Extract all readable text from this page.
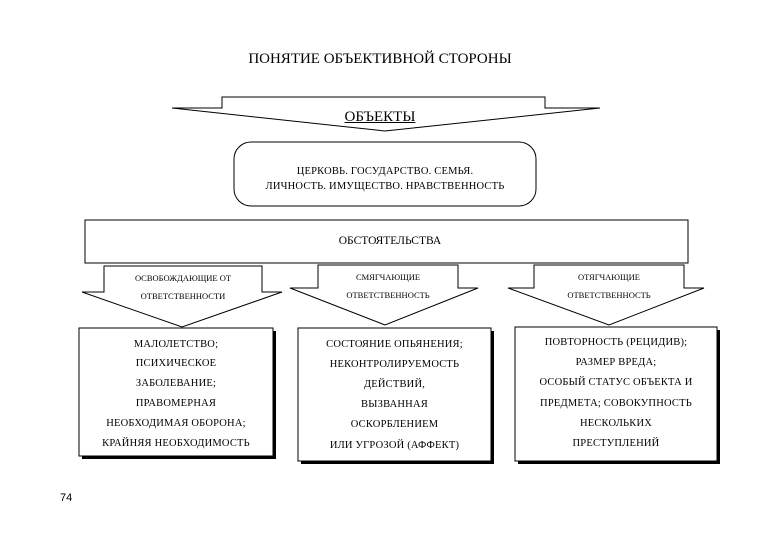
ПОНЯТИЕ ОБЪЕКТИВНОЙ СТОРОНЫ
ОБЪЕКТЫ
ЦЕРКОВЬ. ГОСУДАРСТВО. СЕМЬЯ.
ЛИЧНОСТЬ. ИМУЩЕСТВО. НРАВСТВЕННОСТЬ
ОБСТОЯТЕЛЬСТВА
ОСВОБОЖДАЮЩИЕ ОТ
ОТВЕТСТВЕННОСТИ
СМЯГЧАЮЩИЕ
ОТВЕТСТВЕННОСТЬ
ОТЯГЧАЮЩИЕ
ОТВЕТСТВЕННОСТЬ
МАЛОЛЕТСТВО;
ПСИХИЧЕСКОЕ
ЗАБОЛЕВАНИЕ;
ПРАВОМЕРНАЯ
НЕОБХОДИМАЯ ОБОРОНА;
КРАЙНЯЯ НЕОБХОДИМОСТЬ
СОСТОЯНИЕ ОПЬЯНЕНИЯ;
НЕКОНТРОЛИРУЕМОСТЬ
ДЕЙСТВИЙ,
ВЫЗВАННАЯ
ОСКОРБЛЕНИЕМ
ИЛИ УГРОЗОЙ (АФФЕКТ)
ПОВТОРНОСТЬ (РЕЦИДИВ);
РАЗМЕР ВРЕДА;
ОСОБЫЙ СТАТУС ОБЪЕКТА И
ПРЕДМЕТА; СОВОКУПНОСТЬ
НЕСКОЛЬКИХ
ПРЕСТУПЛЕНИЙ
74
